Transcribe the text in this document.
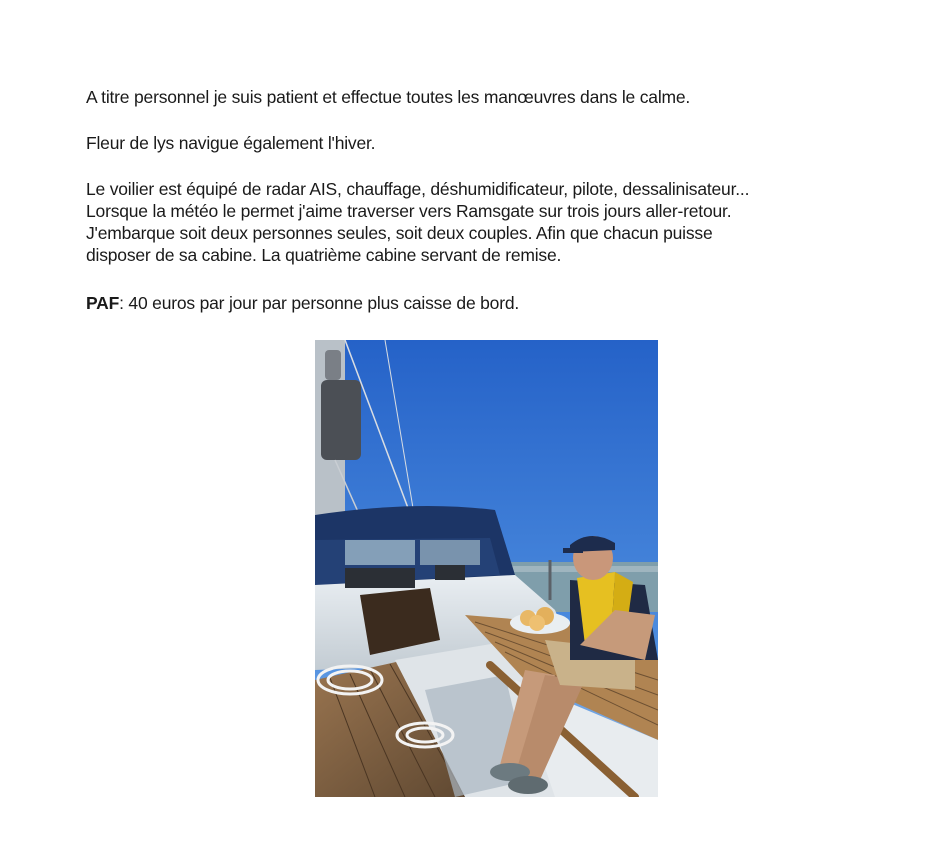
A titre personnel je suis patient et effectue toutes les manœuvres dans le calme.

Fleur de lys navigue également l'hiver.

Le voilier est équipé de radar AIS, chauffage, déshumidificateur, pilote, dessalinisateur...
Lorsque la météo le permet j'aime traverser vers Ramsgate sur trois jours aller-retour.
J'embarque soit deux personnes seules, soit deux couples. Afin que chacun puisse
disposer de sa cabine. La quatrième cabine servant de remise.

PAF: 40 euros par jour par personne plus caisse de bord.
